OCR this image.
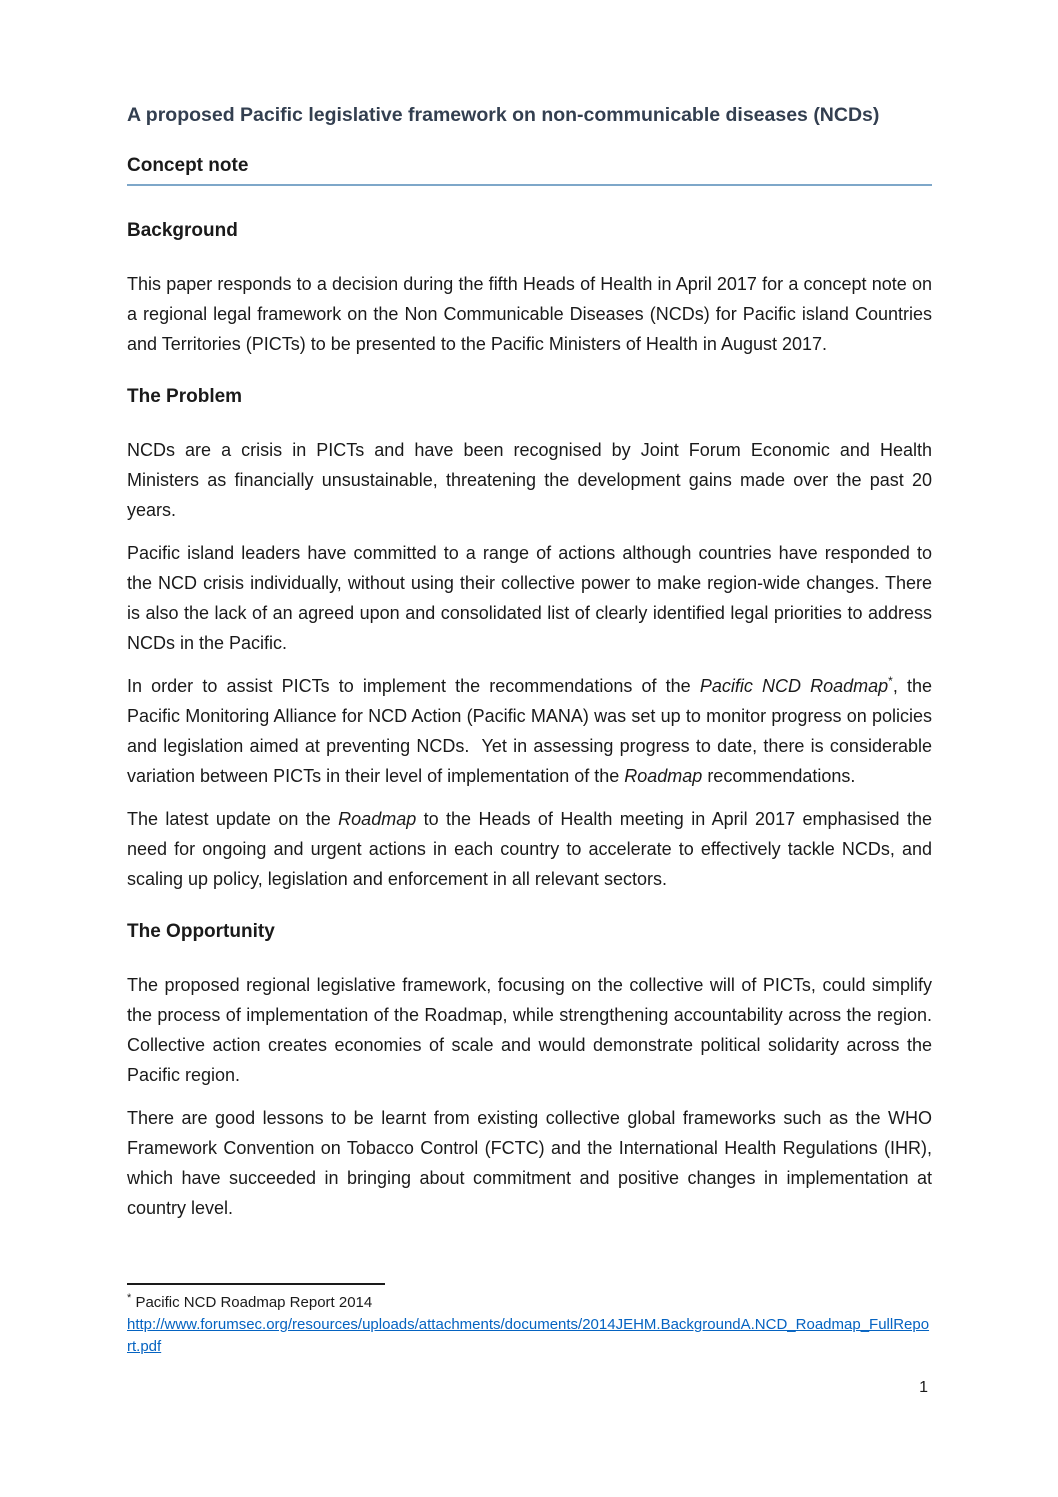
A proposed Pacific legislative framework on non-communicable diseases (NCDs)
Concept note
Background

This paper responds to a decision during the fifth Heads of Health in April 2017 for a concept note on a regional legal framework on the Non Communicable Diseases (NCDs) for Pacific island Countries and Territories (PICTs) to be presented to the Pacific Ministers of Health in August 2017.

The Problem

NCDs are a crisis in PICTs and have been recognised by Joint Forum Economic and Health Ministers as financially unsustainable, threatening the development gains made over the past 20 years.

Pacific island leaders have committed to a range of actions although countries have responded to the NCD crisis individually, without using their collective power to make region-wide changes. There is also the lack of an agreed upon and consolidated list of clearly identified legal priorities to address NCDs in the Pacific.

In order to assist PICTs to implement the recommendations of the Pacific NCD Roadmap*, the Pacific Monitoring Alliance for NCD Action (Pacific MANA) was set up to monitor progress on policies and legislation aimed at preventing NCDs.  Yet in assessing progress to date, there is considerable variation between PICTs in their level of implementation of the Roadmap recommendations.

The latest update on the Roadmap to the Heads of Health meeting in April 2017 emphasised the need for ongoing and urgent actions in each country to accelerate to effectively tackle NCDs, and scaling up policy, legislation and enforcement in all relevant sectors.

The Opportunity

The proposed regional legislative framework, focusing on the collective will of PICTs, could simplify the process of implementation of the Roadmap, while strengthening accountability across the region. Collective action creates economies of scale and would demonstrate political solidarity across the Pacific region.

There are good lessons to be learnt from existing collective global frameworks such as the WHO Framework Convention on Tobacco Control (FCTC) and the International Health Regulations (IHR), which have succeeded in bringing about commitment and positive changes in implementation at country level.

* Pacific NCD Roadmap Report 2014
http://www.forumsec.org/resources/uploads/attachments/documents/2014JEHM.BackgroundA.NCD_Roadmap_FullReport.pdf
1
